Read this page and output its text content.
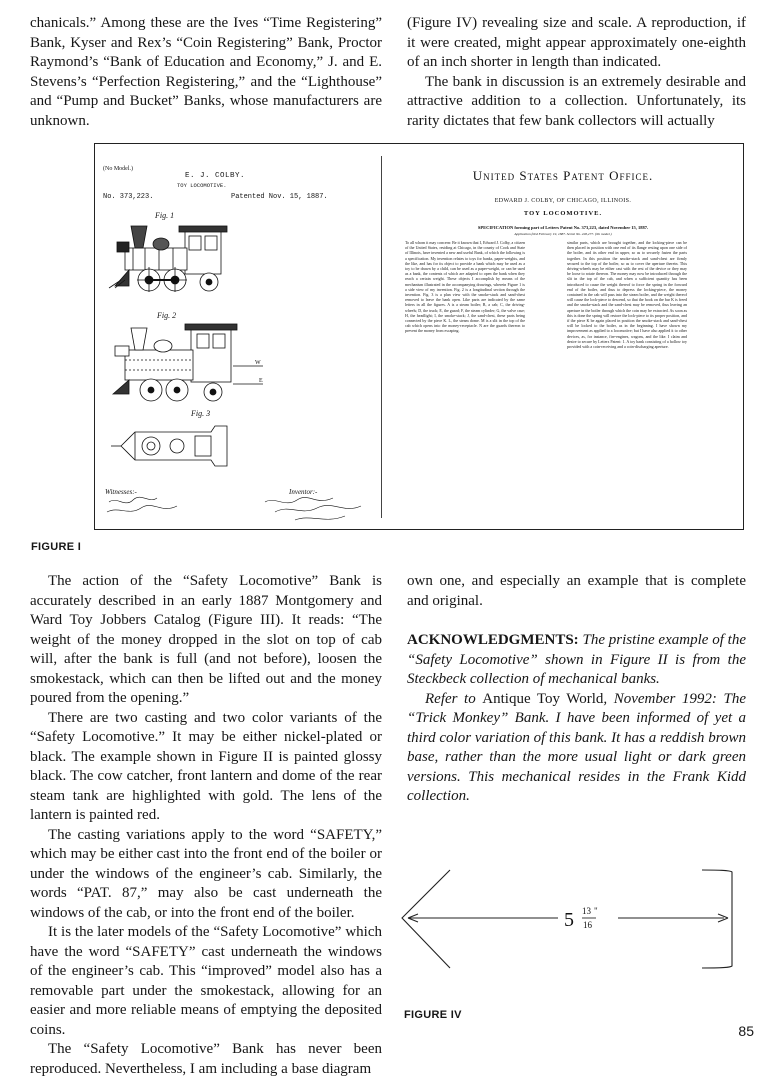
chanicals.” Among these are the Ives “Time Registering” Bank, Kyser and Rex’s “Coin Registering” Bank, Proctor Raymond’s “Bank of Education and Economy,” J. and E. Stevens’s “Perfection Registering,” and the “Lighthouse” and “Pump and Bucket” Banks, whose manufacturers are unknown.

(Figure IV) revealing size and scale. A reproduction, if it were created, might appear approximately one-eighth of an inch shorter in length than indicated.

The bank in discussion is an extremely desirable and attractive addition to a collection. Unfortunately, its rarity dictates that few bank collectors will actually

W
E
Fig. 1
Fig. 2
Fig. 3
Witnesses:-	Inventor:-
(No Model.)
E. J. COLBY.
TOY LOCOMOTIVE.
No. 373,223.	Patented Nov. 15, 1887.
United States Patent Office.
EDWARD J. COLBY, OF CHICAGO, ILLINOIS.
TOY LOCOMOTIVE.
SPECIFICATION forming part of Letters Patent No. 373,223, dated November 15, 1887.
Application filed February 19, 1887. Serial No. 228,277. (No model.)
To all whom it may concern: Be it known that I, Edward J. Colby, a citizen of the United States, residing at Chicago, in the county of Cook and State of Illinois, have invented a new and useful Bank, of which the following is a specification. My invention relates to toys for banks, paper-weights, and the like, and has for its object to provide a bank which may be used as a toy to be drawn by a child, can be used as a paper-weight, or can be used as a bank, the contents of which are adapted to open the bank when they reach a certain weight. These objects I accomplish by means of the mechanism illustrated in the accompanying drawings, wherein Figure 1 is a side view of my invention. Fig. 2 is a longitudinal section through the invention. Fig. 3 is a plan view with the smoke-stack and sand-chest removed to leave the bank open. Like parts are indicated by the same letters in all the figures. A is a steam boiler; B, a cab; C, the driving-wheels; D, the truck; E, the guard; F, the steam cylinder; G, the valve case; H, the headlight; I, the smoke-stack; J, the sand-chest, these parts being connected by the piece K. L, the steam dome. M is a slit in the top of the cab which opens into the money-receptacle. N are the guards thereon to prevent the money from escaping.
similar parts, which are brought together, and the locking-piece can be then placed in position with one end of its flange resting upon one side of the boiler, and its other end in upper, so as to securely fasten the parts together. In this position the smoke-stack and sand-chest are firmly secured to the top of the boiler, so as to cover the aperture therein. This driving-wheels may be either cast with the rest of the device or they may be loose to rotate thereon. The money may now be introduced through the slit in the top of the cab, and when a sufficient quantity has been introduced to cause the weight thereof to force the spring in the forward end of the boiler, and thus to depress the locking-piece, the money contained in the cab will pass into the steam boiler, and the weight thereof will cause the lock-piece to descend, so that the hook on the bar K is freed and the smoke-stack and the sand-chest may be removed, thus leaving an aperture in the boiler through which the coin may be extracted. As soon as this is done the spring will restore the lock-piece to its proper position, and if the piece K be again placed in position the smoke-stack and sand-chest will be locked to the boiler, as in the beginning. I have shown my improvement as applied to a locomotive; but I have also applied it to other devices, as, for instance, fire-engines, wagons, and the like. I claim and desire to secure by Letters Patent: 1. A toy bank consisting of a hollow toy provided with a coin-receiving and a coin-discharging aperture.
FIGURE I

The action of the “Safety Locomotive” Bank is accurately described in an early 1887 Montgomery and Ward Toy Jobbers Catalog (Figure III). It reads: “The weight of the money dropped in the slot on top of cab will, after the bank is full (and not before), loosen the smokestack, which can then be lifted out and the money poured from the opening.”

There are two casting and two color variants of the “Safety Locomotive.” It may be either nickel-plated or black. The example shown in Figure II is painted glossy black. The cow catcher, front lantern and dome of the rear steam tank are highlighted with gold. The lens of the lantern is painted red.

The casting variations apply to the word “SAFETY,” which may be either cast into the front end of the boiler or under the windows of the engineer’s cab. Similarly, the words “PAT. 87,” may also be cast underneath the windows of the cab, or into the front end of the boiler.

It is the later models of the “Safety Locomotive” which have the word “SAFETY” cast underneath the windows of the engineer’s cab. This “improved” model also has a removable part under the smokestack, allowing for an easier and more reliable means of emptying the deposited coins.

The “Safety Locomotive” Bank has never been reproduced. Nevertheless, I am including a base diagram

own one, and especially an example that is complete and original.

ACKNOWLEDGMENTS: The pristine example of the “Safety Locomotive” shown in Figure II is from the Steckbeck collection of mechanical banks.

Refer to Antique Toy World, November 1992: The “Trick Monkey” Bank. I have been informed of yet a third color variation of this bank. It has a reddish brown base, rather than the more usual light or dark green versions. This mechanical resides in the Frank Kidd collection.

5 13 "
16
FIGURE IV
85
